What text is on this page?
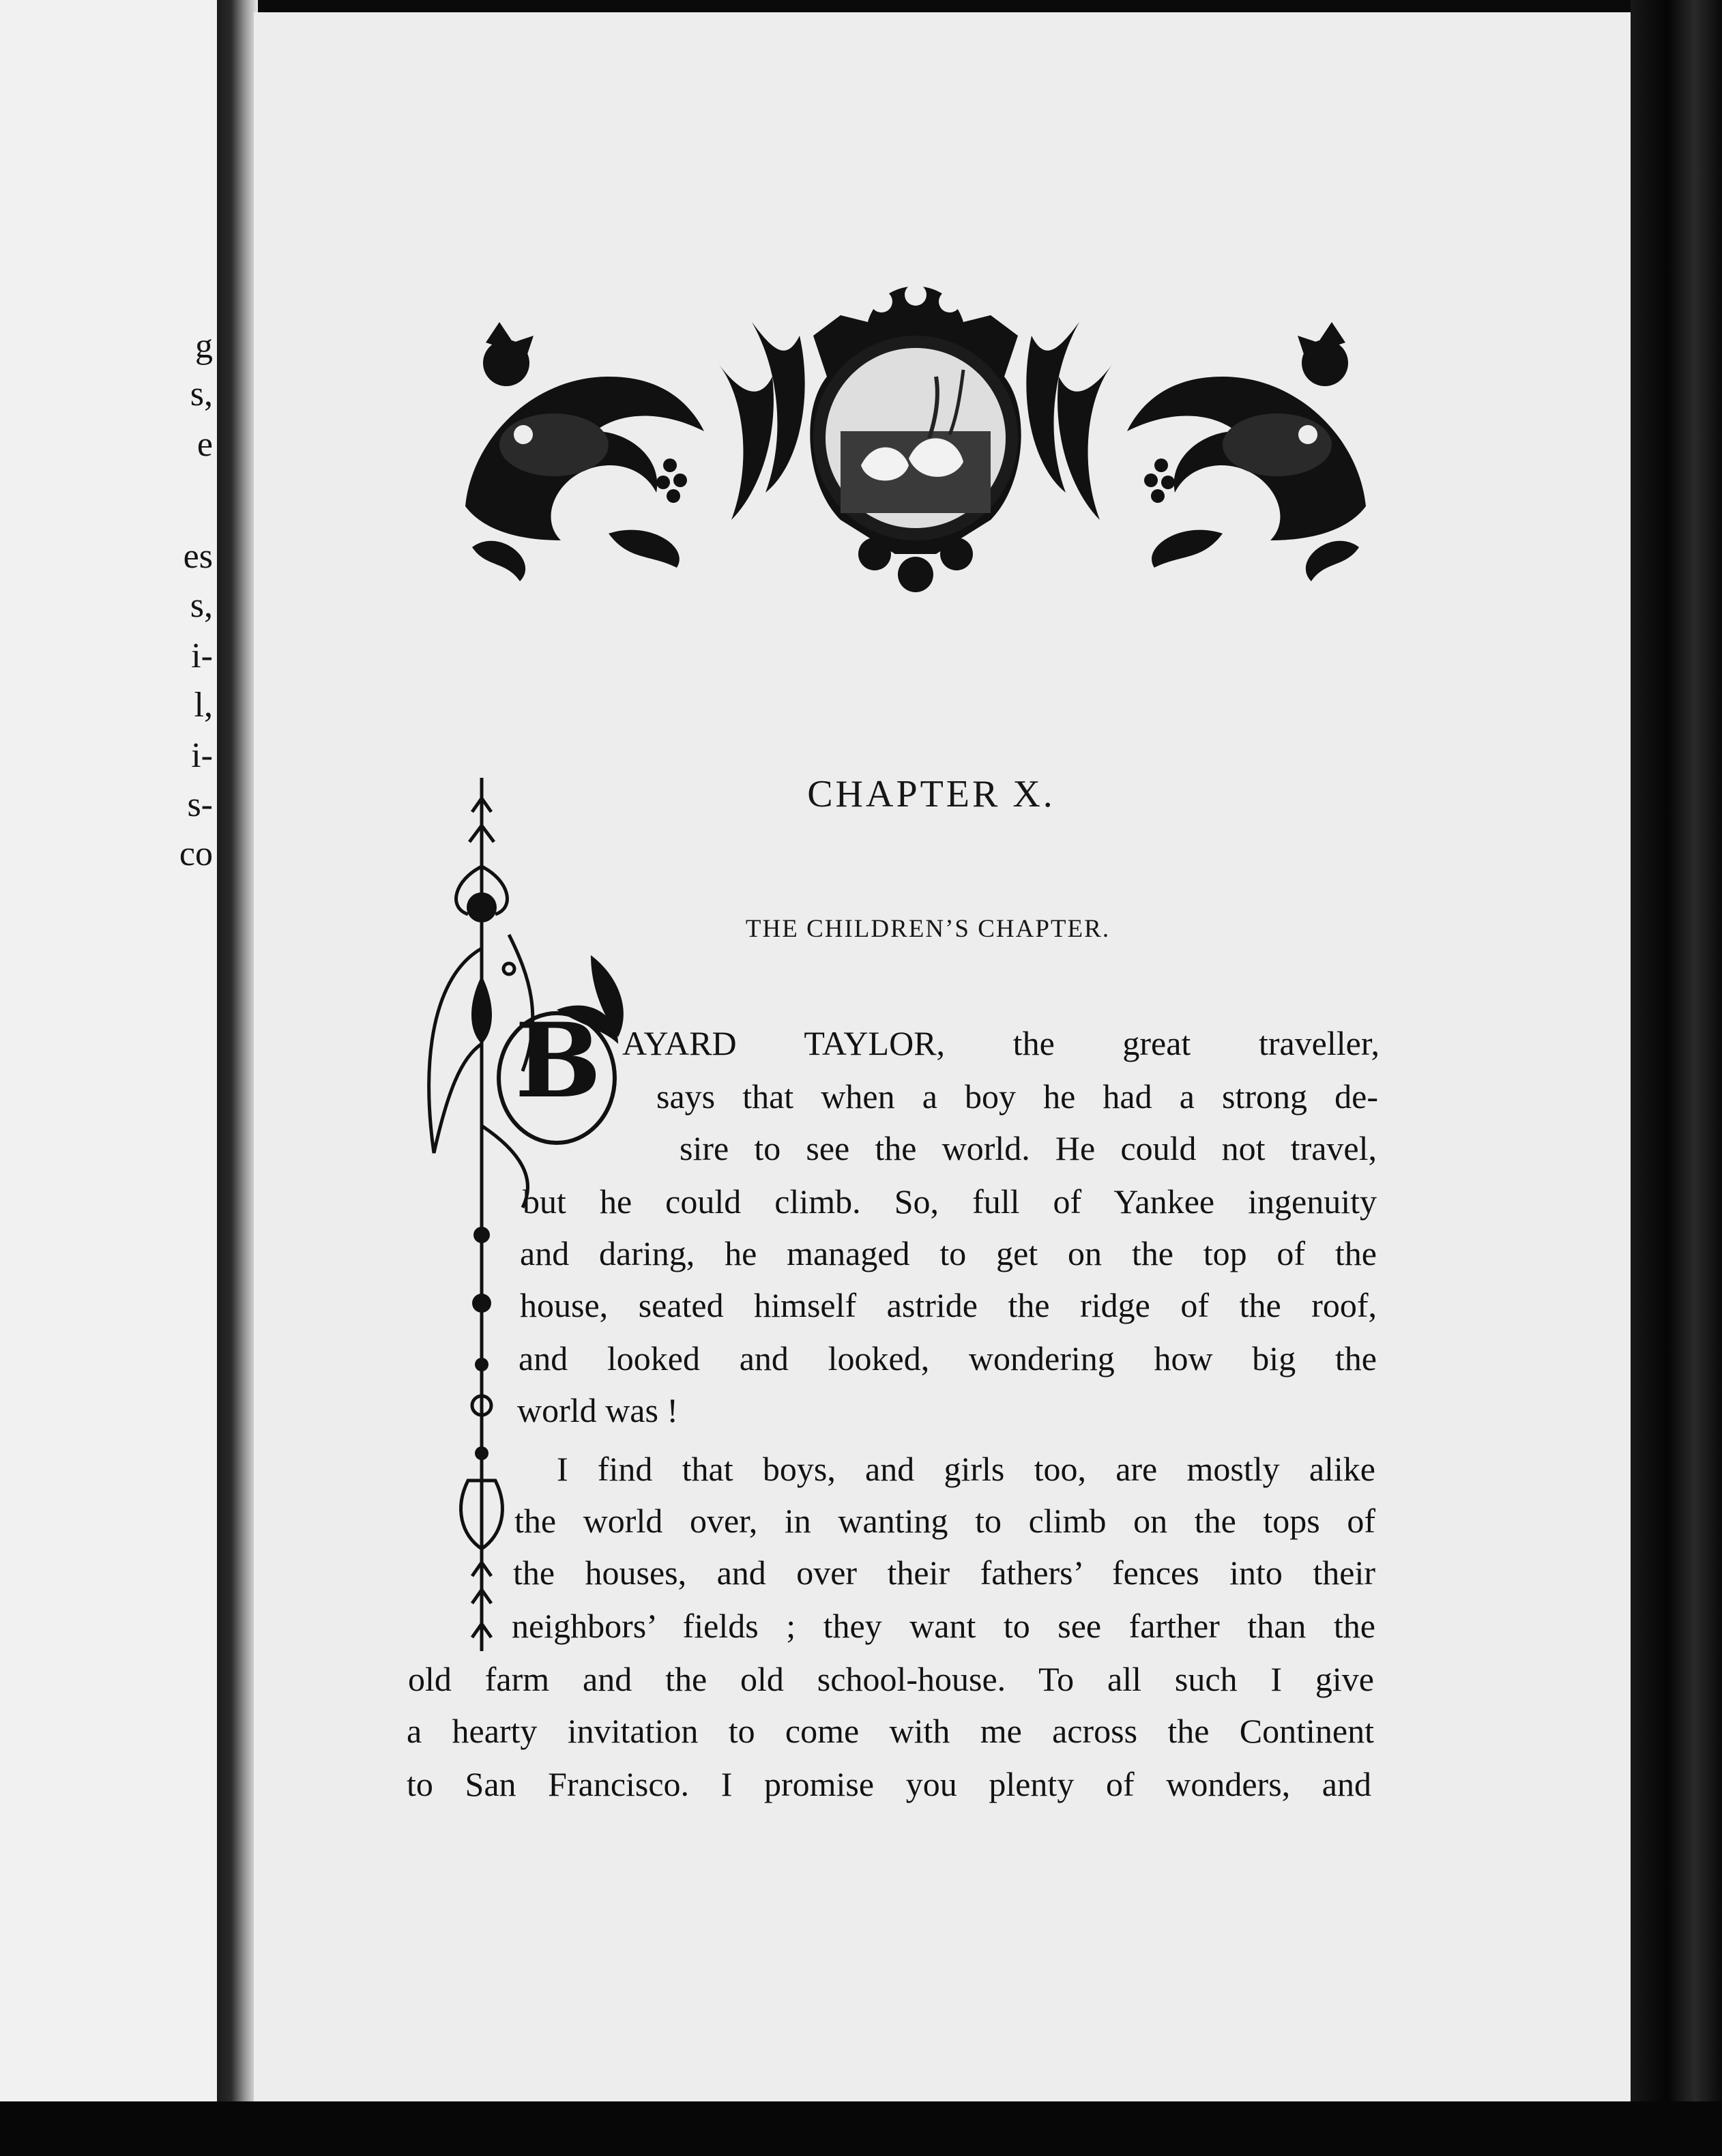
g
s,
e
es
s,
i-
l,
i-
s-
co
CHAPTER X.
THE CHILDREN’S CHAPTER.
B AYARD TAYLOR, the great traveller,
says that when a boy he had a strong de-
sire to see the world. He could not travel,
but he could climb. So, full of Yankee ingenuity
and daring, he managed to get on the top of the
house, seated himself astride the ridge of the roof,
and looked and looked, wondering how big the
world was !
I find that boys, and girls too, are mostly alike
the world over, in wanting to climb on the tops of
the houses, and over their fathers’ fences into their
neighbors’ fields ; they want to see farther than the
old farm and the old school-house. To all such I give
a hearty invitation to come with me across the Continent
to San Francisco. I promise you plenty of wonders, and
